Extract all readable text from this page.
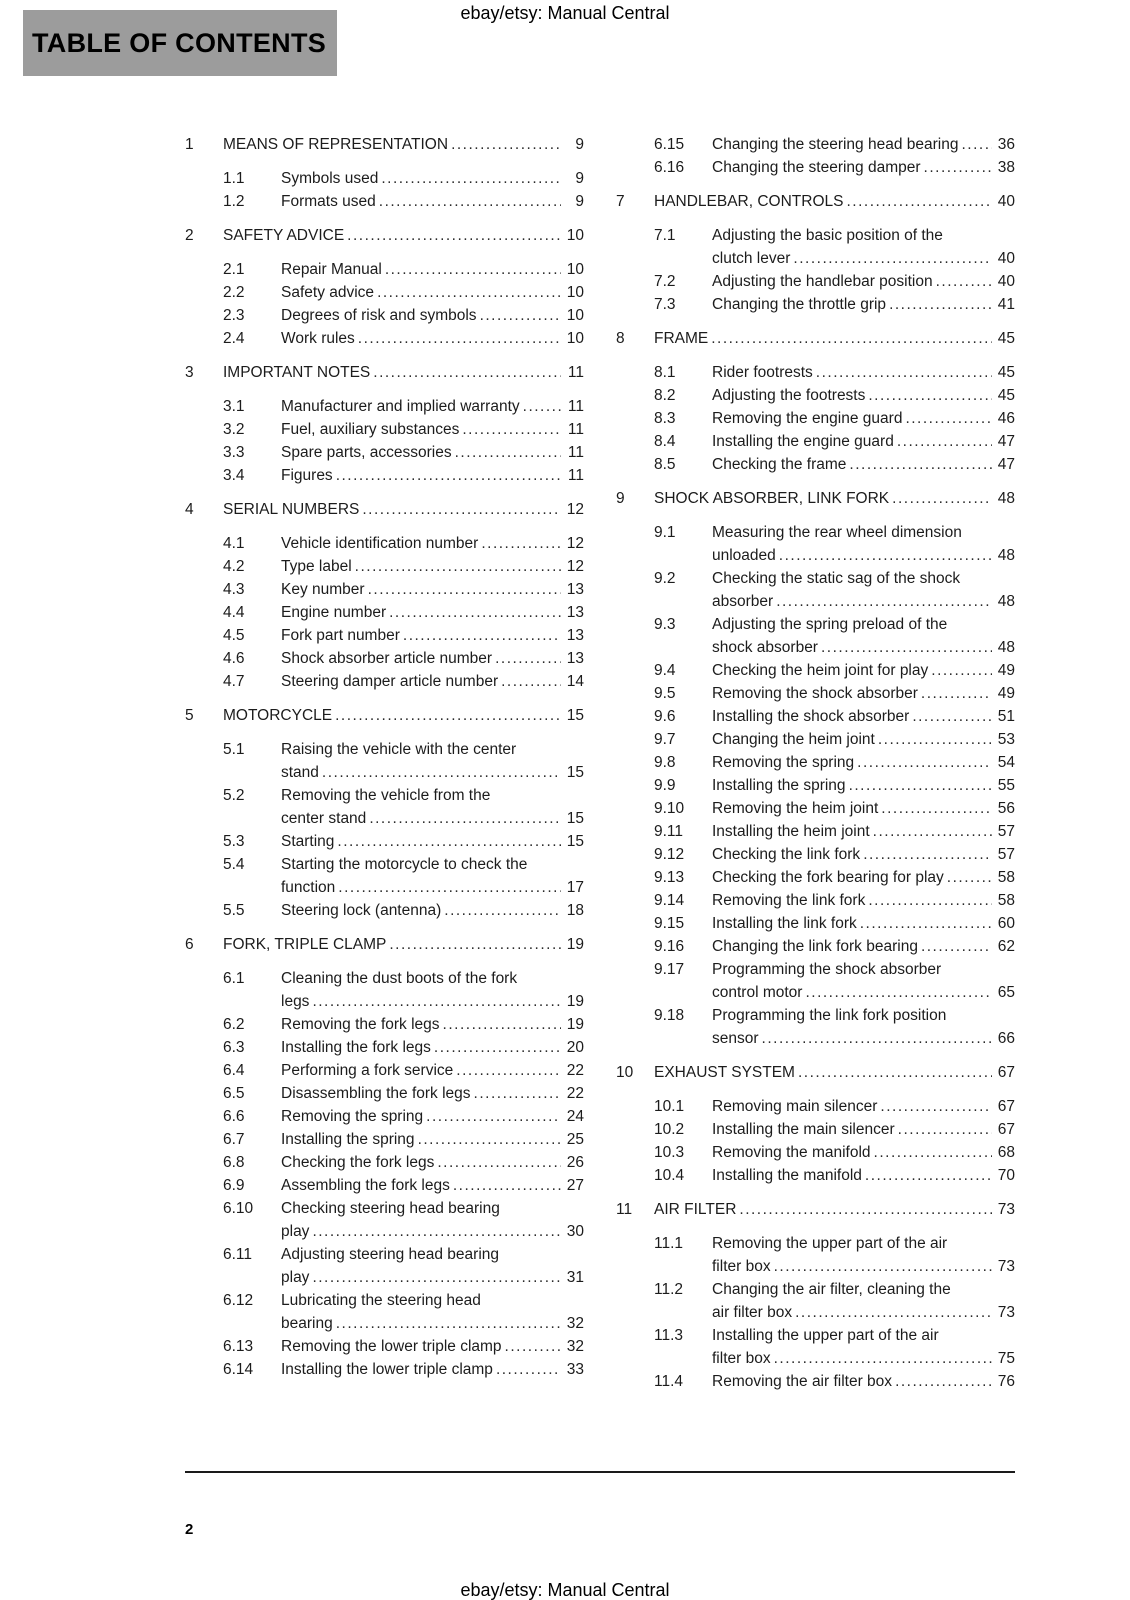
ebay/etsy: Manual Central
TABLE OF CONTENTS
1	MEANS OF REPRESENTATION .....	9
1.1	Symbols used .....	9
1.2	Formats used .....	9
2	SAFETY ADVICE .....	10
2.1	Repair Manual .....	10
2.2	Safety advice .....	10
2.3	Degrees of risk and symbols .....	10
2.4	Work rules .....	10
3	IMPORTANT NOTES .....	11
3.1	Manufacturer and implied warranty .....	11
3.2	Fuel, auxiliary substances .....	11
3.3	Spare parts, accessories .....	11
3.4	Figures .....	11
4	SERIAL NUMBERS .....	12
4.1	Vehicle identification number .....	12
4.2	Type label .....	12
4.3	Key number .....	13
4.4	Engine number .....	13
4.5	Fork part number .....	13
4.6	Shock absorber article number .....	13
4.7	Steering damper article number .....	14
5	MOTORCYCLE .....	15
5.1	Raising the vehicle with the center
stand .....	15
5.2	Removing the vehicle from the
center stand .....	15
5.3	Starting .....	15
5.4	Starting the motorcycle to check the
function .....	17
5.5	Steering lock (antenna) .....	18
6	FORK, TRIPLE CLAMP .....	19
6.1	Cleaning the dust boots of the fork
legs .....	19
6.2	Removing the fork legs .....	19
6.3	Installing the fork legs .....	20
6.4	Performing a fork service .....	22
6.5	Disassembling the fork legs .....	22
6.6	Removing the spring .....	24
6.7	Installing the spring .....	25
6.8	Checking the fork legs .....	26
6.9	Assembling the fork legs .....	27
6.10	Checking steering head bearing
play .....	30
6.11	Adjusting steering head bearing
play .....	31
6.12	Lubricating the steering head
bearing .....	32
6.13	Removing the lower triple clamp .....	32
6.14	Installing the lower triple clamp .....	33
6.15	Changing the steering head bearing .....	36
6.16	Changing the steering damper .....	38
7	HANDLEBAR, CONTROLS .....	40
7.1	Adjusting the basic position of the
clutch lever .....	40
7.2	Adjusting the handlebar position .....	40
7.3	Changing the throttle grip .....	41
8	FRAME .....	45
8.1	Rider footrests .....	45
8.2	Adjusting the footrests .....	45
8.3	Removing the engine guard .....	46
8.4	Installing the engine guard .....	47
8.5	Checking the frame .....	47
9	SHOCK ABSORBER, LINK FORK .....	48
9.1	Measuring the rear wheel dimension
unloaded .....	48
9.2	Checking the static sag of the shock
absorber .....	48
9.3	Adjusting the spring preload of the
shock absorber .....	48
9.4	Checking the heim joint for play .....	49
9.5	Removing the shock absorber .....	49
9.6	Installing the shock absorber .....	51
9.7	Changing the heim joint .....	53
9.8	Removing the spring .....	54
9.9	Installing the spring .....	55
9.10	Removing the heim joint .....	56
9.11	Installing the heim joint .....	57
9.12	Checking the link fork .....	57
9.13	Checking the fork bearing for play .....	58
9.14	Removing the link fork .....	58
9.15	Installing the link fork .....	60
9.16	Changing the link fork bearing .....	62
9.17	Programming the shock absorber
control motor .....	65
9.18	Programming the link fork position
sensor .....	66
10	EXHAUST SYSTEM .....	67
10.1	Removing main silencer .....	67
10.2	Installing the main silencer .....	67
10.3	Removing the manifold .....	68
10.4	Installing the manifold .....	70
11	AIR FILTER .....	73
11.1	Removing the upper part of the air
filter box .....	73
11.2	Changing the air filter, cleaning the
air filter box .....	73
11.3	Installing the upper part of the air
filter box .....	75
11.4	Removing the air filter box .....	76
2
ebay/etsy: Manual Central
